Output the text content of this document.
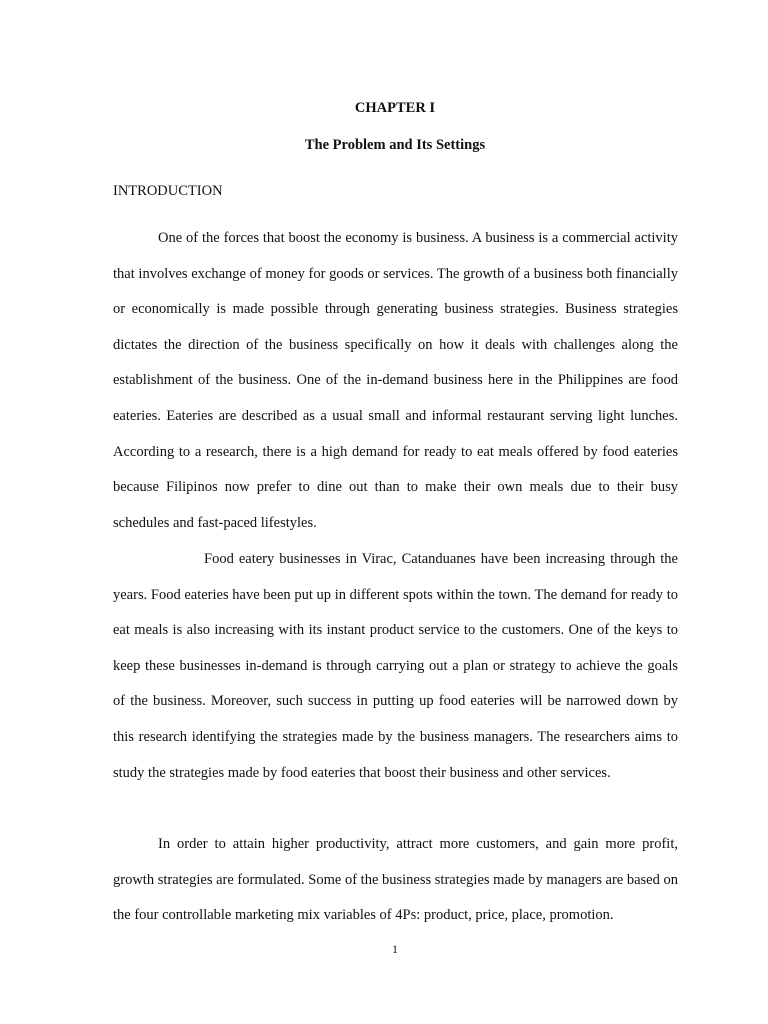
CHAPTER I
The Problem and Its Settings
INTRODUCTION

One of the forces that boost the economy is business. A business is a commercial activity that involves exchange of money for goods or services. The growth of a business both financially or economically is made possible through generating business strategies. Business strategies dictates the direction of the business specifically on how it deals with challenges along the establishment of the business. One of the in-demand business here in the Philippines are food eateries. Eateries are described as a usual small and informal restaurant serving light lunches. According to a research, there is a high demand for ready to eat meals offered by food eateries because Filipinos now prefer to dine out than to make their own meals due to their busy schedules and fast-paced lifestyles.

Food eatery businesses in Virac, Catanduanes have been increasing through the years. Food eateries have been put up in different spots within the town. The demand for ready to eat meals is also increasing with its instant product service to the customers. One of the keys to keep these businesses in-demand is through carrying out a plan or strategy to achieve the goals of the business. Moreover, such success in putting up food eateries will be narrowed down by this research identifying the strategies made by the business managers. The researchers aims to study the strategies made by food eateries that boost their business and other services.

In order to attain higher productivity, attract more customers, and gain more profit, growth strategies are formulated. Some of the business strategies made by managers are based on the four controllable marketing mix variables of 4Ps: product, price, place, promotion.

1
